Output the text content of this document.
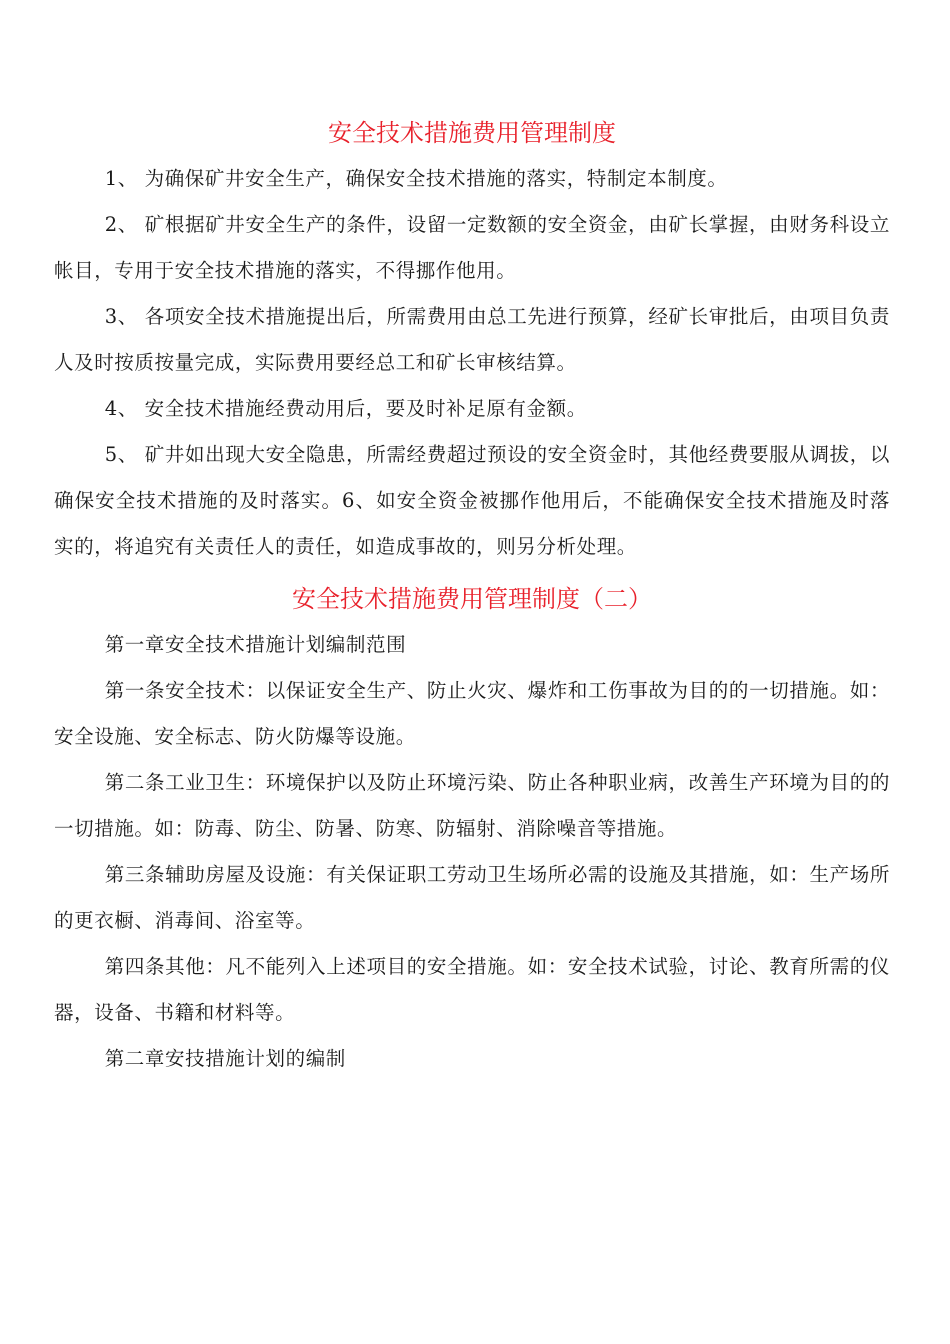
安全技术措施费用管理制度

1、 为确保矿井安全生产，确保安全技术措施的落实，特制定本制度。

2、 矿根据矿井安全生产的条件，设留一定数额的安全资金，由矿长掌握，由财务科设立帐目，专用于安全技术措施的落实，不得挪作他用。

3、 各项安全技术措施提出后，所需费用由总工先进行预算，经矿长审批后，由项目负责人及时按质按量完成，实际费用要经总工和矿长审核结算。

4、 安全技术措施经费动用后，要及时补足原有金额。

5、 矿井如出现大安全隐患，所需经费超过预设的安全资金时，其他经费要服从调拔，以确保安全技术措施的及时落实。6、如安全资金被挪作他用后，不能确保安全技术措施及时落实的，将追究有关责任人的责任，如造成事故的，则另分析处理。

安全技术措施费用管理制度（二）

第一章安全技术措施计划编制范围

第一条安全技术：以保证安全生产、防止火灾、爆炸和工伤事故为目的的一切措施。如：安全设施、安全标志、防火防爆等设施。

第二条工业卫生：环境保护以及防止环境污染、防止各种职业病，改善生产环境为目的的一切措施。如：防毒、防尘、防暑、防寒、防辐射、消除噪音等措施。

第三条辅助房屋及设施：有关保证职工劳动卫生场所必需的设施及其措施，如：生产场所的更衣橱、消毒间、浴室等。

第四条其他：凡不能列入上述项目的安全措施。如：安全技术试验，讨论、教育所需的仪器，设备、书籍和材料等。

第二章安技措施计划的编制
